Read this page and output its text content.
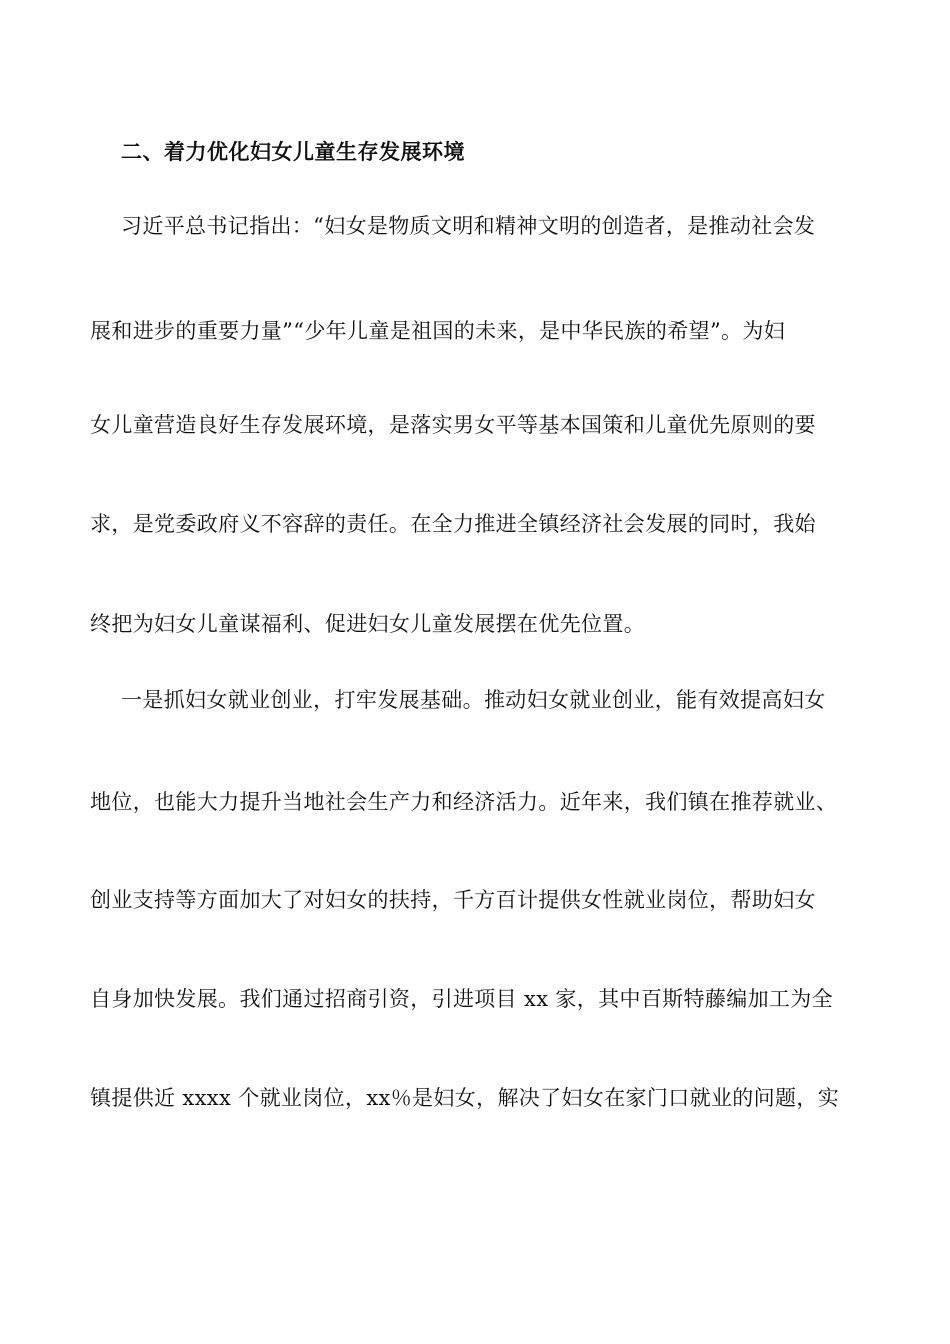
二、着力优化妇女儿童生存发展环境
习近平总书记指出：“妇女是物质文明和精神文明的创造者，是推动社会发
展和进步的重要力量”“少年儿童是祖国的未来，是中华民族的希望”。为妇
女儿童营造良好生存发展环境，是落实男女平等基本国策和儿童优先原则的要
求，是党委政府义不容辞的责任。在全力推进全镇经济社会发展的同时，我始
终把为妇女儿童谋福利、促进妇女儿童发展摆在优先位置。
一是抓妇女就业创业，打牢发展基础。推动妇女就业创业，能有效提高妇女
地位，也能大力提升当地社会生产力和经济活力。近年来，我们镇在推荐就业、
创业支持等方面加大了对妇女的扶持，千方百计提供女性就业岗位，帮助妇女
自身加快发展。我们通过招商引资，引进项目 xx 家，其中百斯特藤编加工为全
镇提供近 xxxx 个就业岗位，xx％是妇女，解决了妇女在家门口就业的问题，实
